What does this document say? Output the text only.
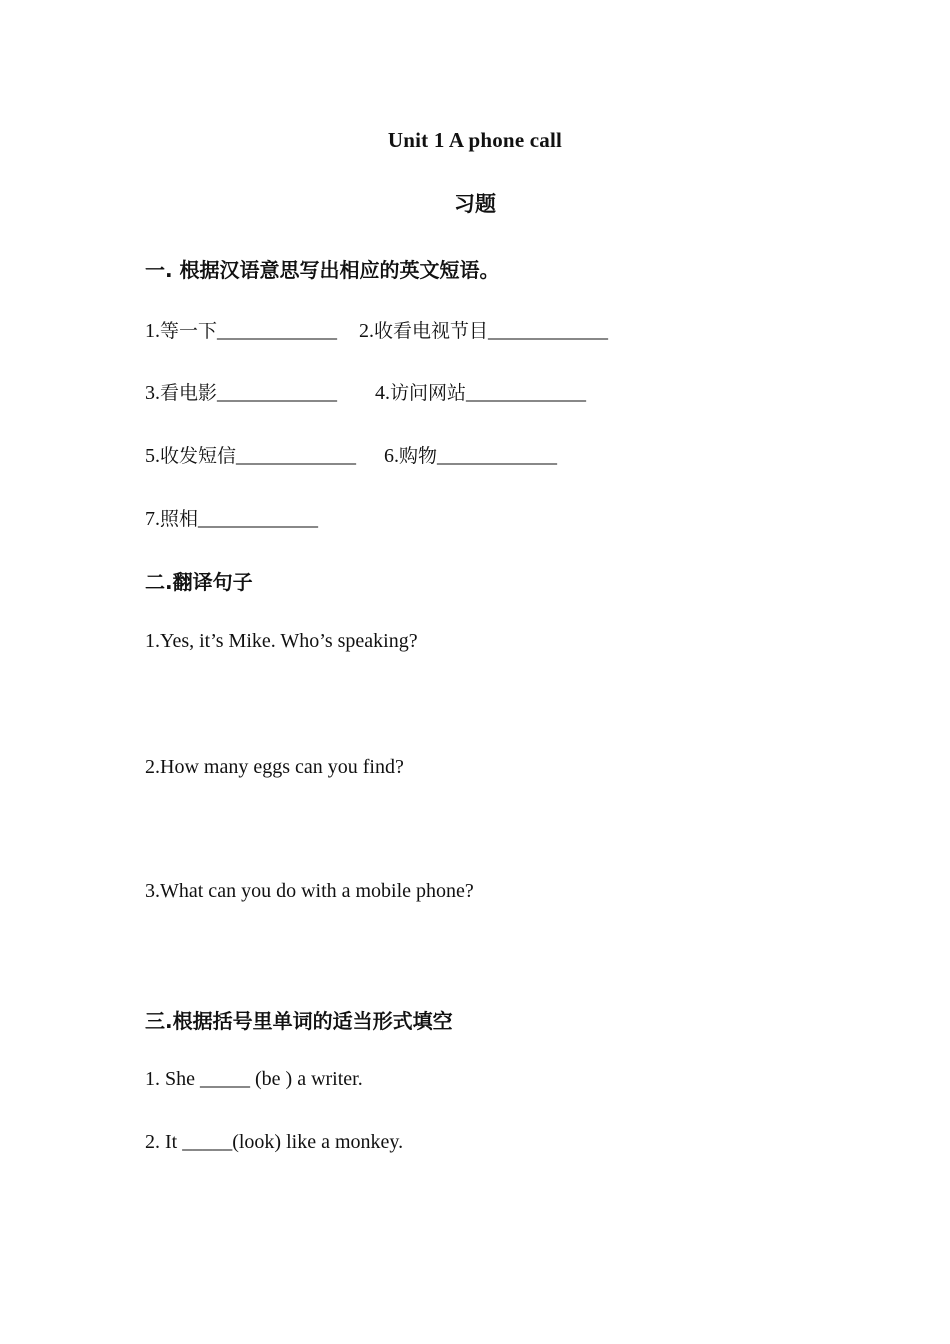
Unit 1 A phone call
习题
一. 根据汉语意思写出相应的英文短语。
1.等一下____________ 2.收看电视节目____________
3.看电影____________ 4.访问网站____________
5.收发短信____________ 6.购物____________
7.照相____________
二.翻译句子
1.Yes, it’s Mike. Who’s speaking?
2.How many eggs can you find?
3.What can you do with a mobile phone?
三.根据括号里单词的适当形式填空
1. She _____ (be ) a writer.
2. It _____(look) like a monkey.
